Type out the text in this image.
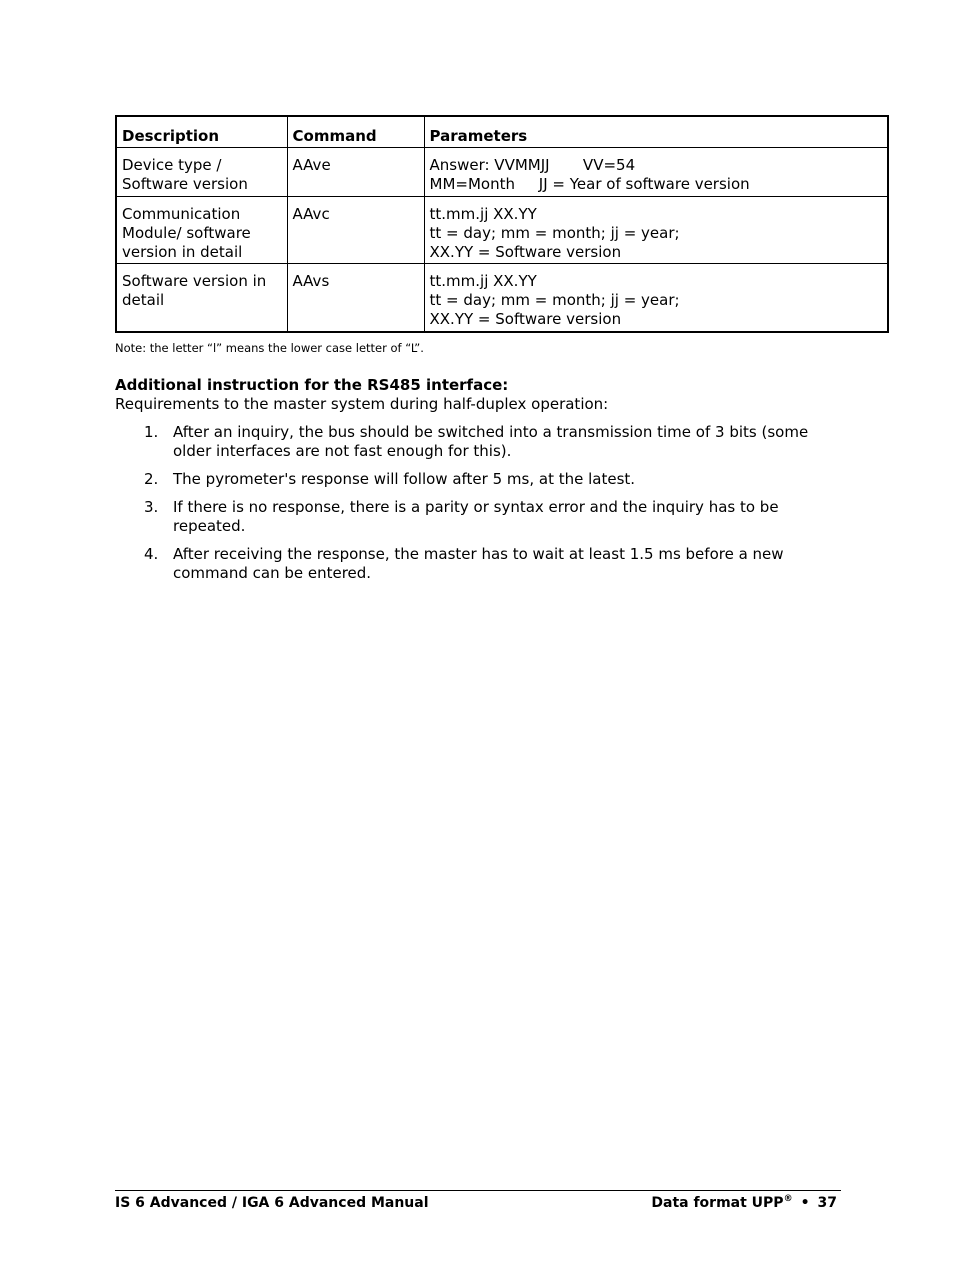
Description	Command	Parameters

Device type /
Software version	AAve	Answer: VVMMJJ       VV=54
MM=Month     JJ = Year of software version

Communication
Module/ software
version in detail	AAvc	tt.mm.jj XX.YY
tt = day; mm = month; jj = year;
XX.YY = Software version

Software version in
detail	AAvs	tt.mm.jj XX.YY
tt = day; mm = month; jj = year;
XX.YY = Software version
Note: the letter “l” means the lower case letter of “L”.
Additional instruction for the RS485 interface:
Requirements to the master system during half-duplex operation:
1. After an inquiry, the bus should be switched into a transmission time of 3 bits (some older interfaces are not fast enough for this).
2. The pyrometer's response will follow after 5 ms, at the latest.
3. If there is no response, there is a parity or syntax error and the inquiry has to be repeated.
4. After receiving the response, the master has to wait at least 1.5 ms before a new command can be entered.
IS 6 Advanced / IGA 6 Advanced Manual	Data format UPP® • 37
